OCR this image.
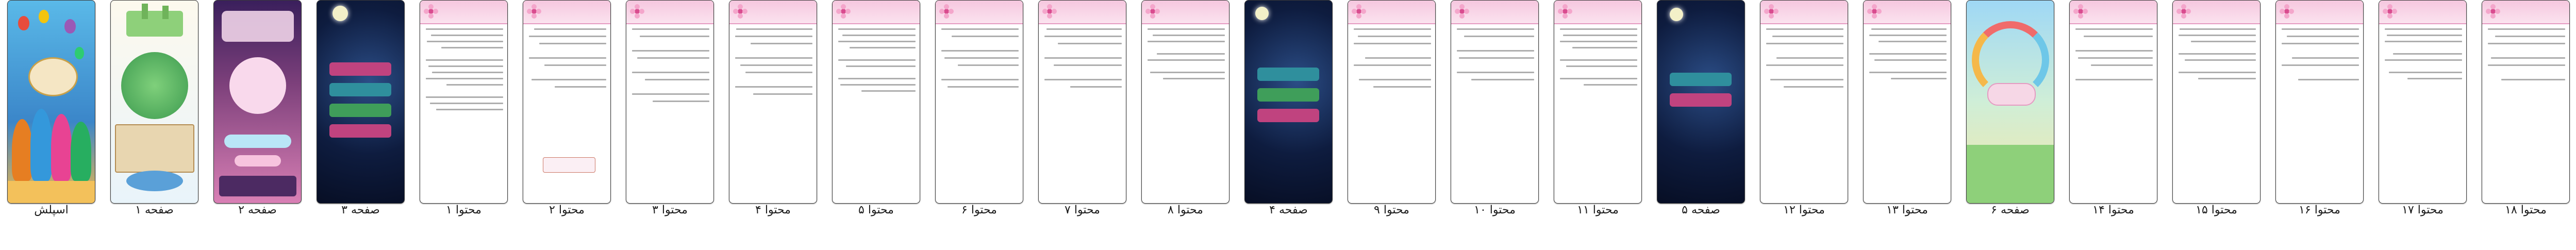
اسپلش	صفحه ۱	صفحه ۲	صفحه ۳	محتوا ۱	محتوا ۲	محتوا ۳	محتوا ۴	محتوا ۵	محتوا ۶	محتوا ۷	محتوا ۸	صفحه ۴	محتوا ۹	محتوا ۱۰	محتوا ۱۱	صفحه ۵	محتوا ۱۲	محتوا ۱۳	صفحه ۶	محتوا ۱۴	محتوا ۱۵	محتوا ۱۶	محتوا ۱۷	محتوا ۱۸
